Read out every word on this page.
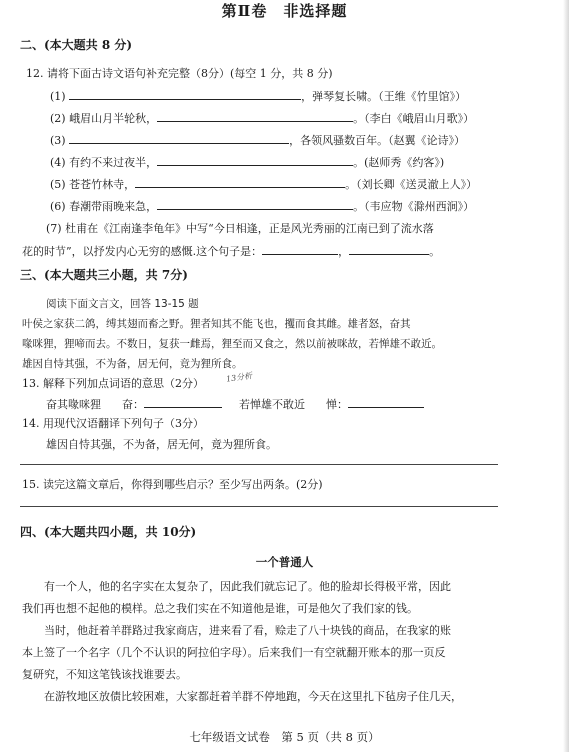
第Ⅱ卷　非选择题
二、(本大题共 8 分)
12. 请将下面古诗文语句补充完整（8分）(每空 1 分，共 8 分)
(1)	，弹琴复长啸。（王维《竹里馆》）
(2) 峨眉山月半轮秋，	。（李白《峨眉山月歌》）
(3)	，各领风骚数百年。（赵翼《论诗》）
(4) 有约不来过夜半，	。(赵师秀《约客》)
(5) 苍苍竹林寺，	。（刘长卿《送灵澈上人》）
(6) 春潮带雨晚来急，	。（韦应物《滁州西涧》）
(7) 杜甫在《江南逢李龟年》中写“今日相逢，正是风光秀丽的江南已到了流水落
花的时节”，以抒发内心无穷的感慨.这个句子是：	，	。
三、(本大题共三小题，共 7分)
阅读下面文言文，回答 13-15 题
叶侯之家获二鸽，缚其翅而畜之野。狸者知其不能飞也，攫而食其雌。雄者怒，奋其
喙咪狸，狸啼而去。不数日，复获一雌焉，狸至而又食之，然以前被咪故，若惮雄不敢近。
雄因自恃其强，不为备，居无何，竟为狸所食。
13. 解释下列加点词语的意思（2分）	13分析
奋其喙咪狸 奋：	若惮雄不敢近 惮：
14. 用现代汉语翻译下列句子（3分）
雄因自恃其强，不为备，居无何，竟为狸所食。
15. 读完这篇文章后，你得到哪些启示？至少写出两条。(2分)
四、(本大题共四小题，共 10分)
一个普通人
有一个人，他的名字实在太复杂了，因此我们就忘记了。他的脸却长得极平常，因此
我们再也想不起他的模样。总之我们实在不知道他是谁，可是他欠了我们家的钱。
当时，他赶着羊群路过我家商店，进来看了看，赊走了八十块钱的商品，在我家的账
本上签了一个名字（几个不认识的阿拉伯字母）。后来我们一有空就翻开账本的那一页反
复研究，不知这笔钱该找谁要去。
在游牧地区放债比较困难，大家都赶着羊群不停地跑，今天在这里扎下毡房子住几天，
七年级语文试卷　第 5 页（共 8 页）
